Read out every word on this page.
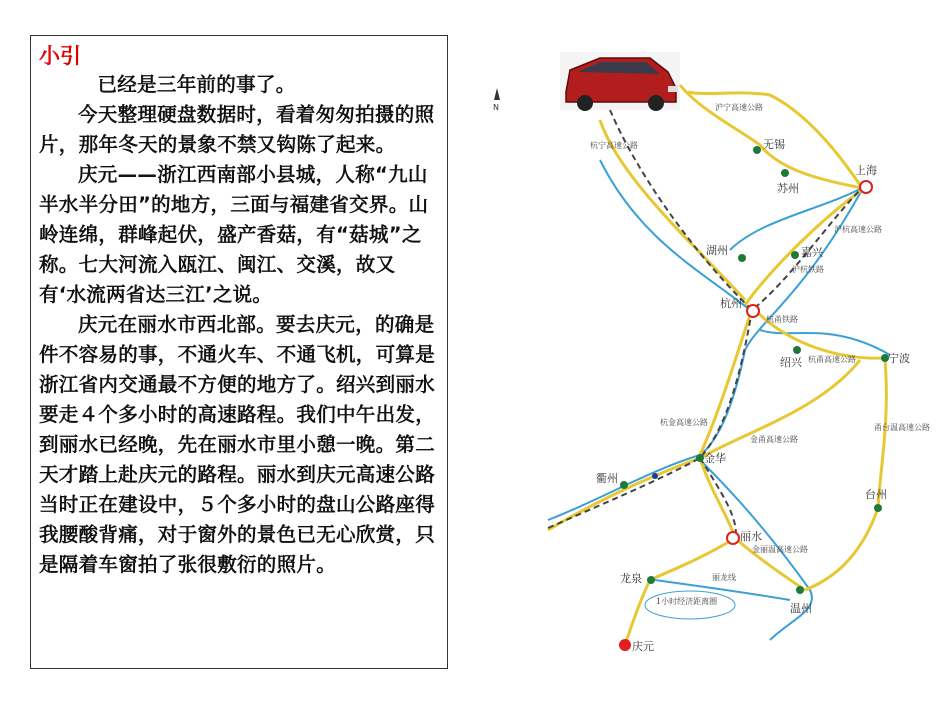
小引

已经是三年前的事了。

今天整理硬盘数据时，看着匆匆拍摄的照片，那年冬天的景象不禁又钩陈了起来。

庆元——浙江西南部小县城，人称“九山半水半分田”的地方，三面与福建省交界。山岭连绵，群峰起伏，盛产香菇，有“菇城”之称。七大河流入瓯江、闽江、交溪，故又有‘水流两省达三江’之说。

庆元在丽水市西北部。要去庆元，的确是件不容易的事，不通火车、不通飞机，可算是浙江省内交通最不方便的地方了。绍兴到丽水要走４个多小时的高速路程。我们中午出发，到丽水已经晚，先在丽水市里小憩一晚。第二天才踏上赴庆元的路程。丽水到庆元高速公路当时正在建设中，５个多小时的盘山公路座得我腰酸背痛，对于窗外的景色已无心欣赏，只是隔着车窗拍了张很敷衍的照片。

N
无锡
苏州
上海
湖州	嘉兴
杭州
绍兴	宁波
金华
衢州
台州
丽水
龙泉
温州
庆元
沪宁高速公路
杭宁高速公路
沪杭高速公路
沪杭铁路
杭甬铁路
杭甬高速公路
杭金高速公路
金甬高速公路
甬台温高速公路
金丽温高速公路
丽龙线
1小时经济距离圈
